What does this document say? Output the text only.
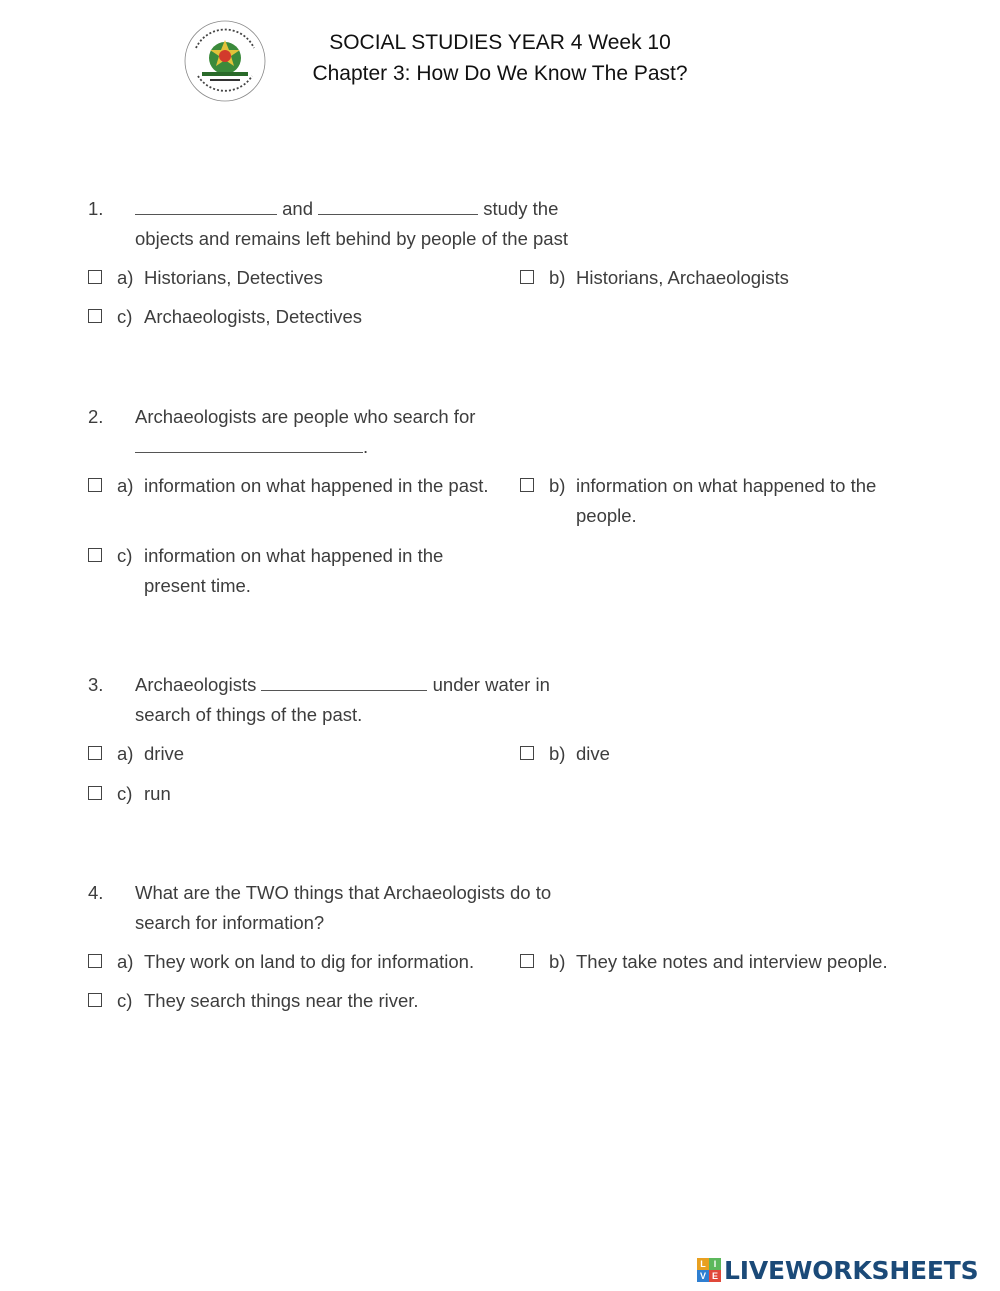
SOCIAL STUDIES YEAR 4 Week 10
Chapter 3: How Do We Know The Past?
1.	and	study the
objects and remains left behind by people of the past
a) Historians, Detectives	b) Historians, Archaeologists
c) Archaeologists, Detectives
2. Archaeologists are people who search for
.
a) information on what happened in the past.	b) information on what happened to the people.
c) information on what happened in the present time.
3. Archaeologists	under water in
search of things of the past.
a) drive	b) dive
c) run
4. What are the TWO things that Archaeologists do to
search for information?
a) They work on land to dig for information.	b) They take notes and interview people.
c) They search things near the river.
L I
V E LIVEWORKSHEETS
